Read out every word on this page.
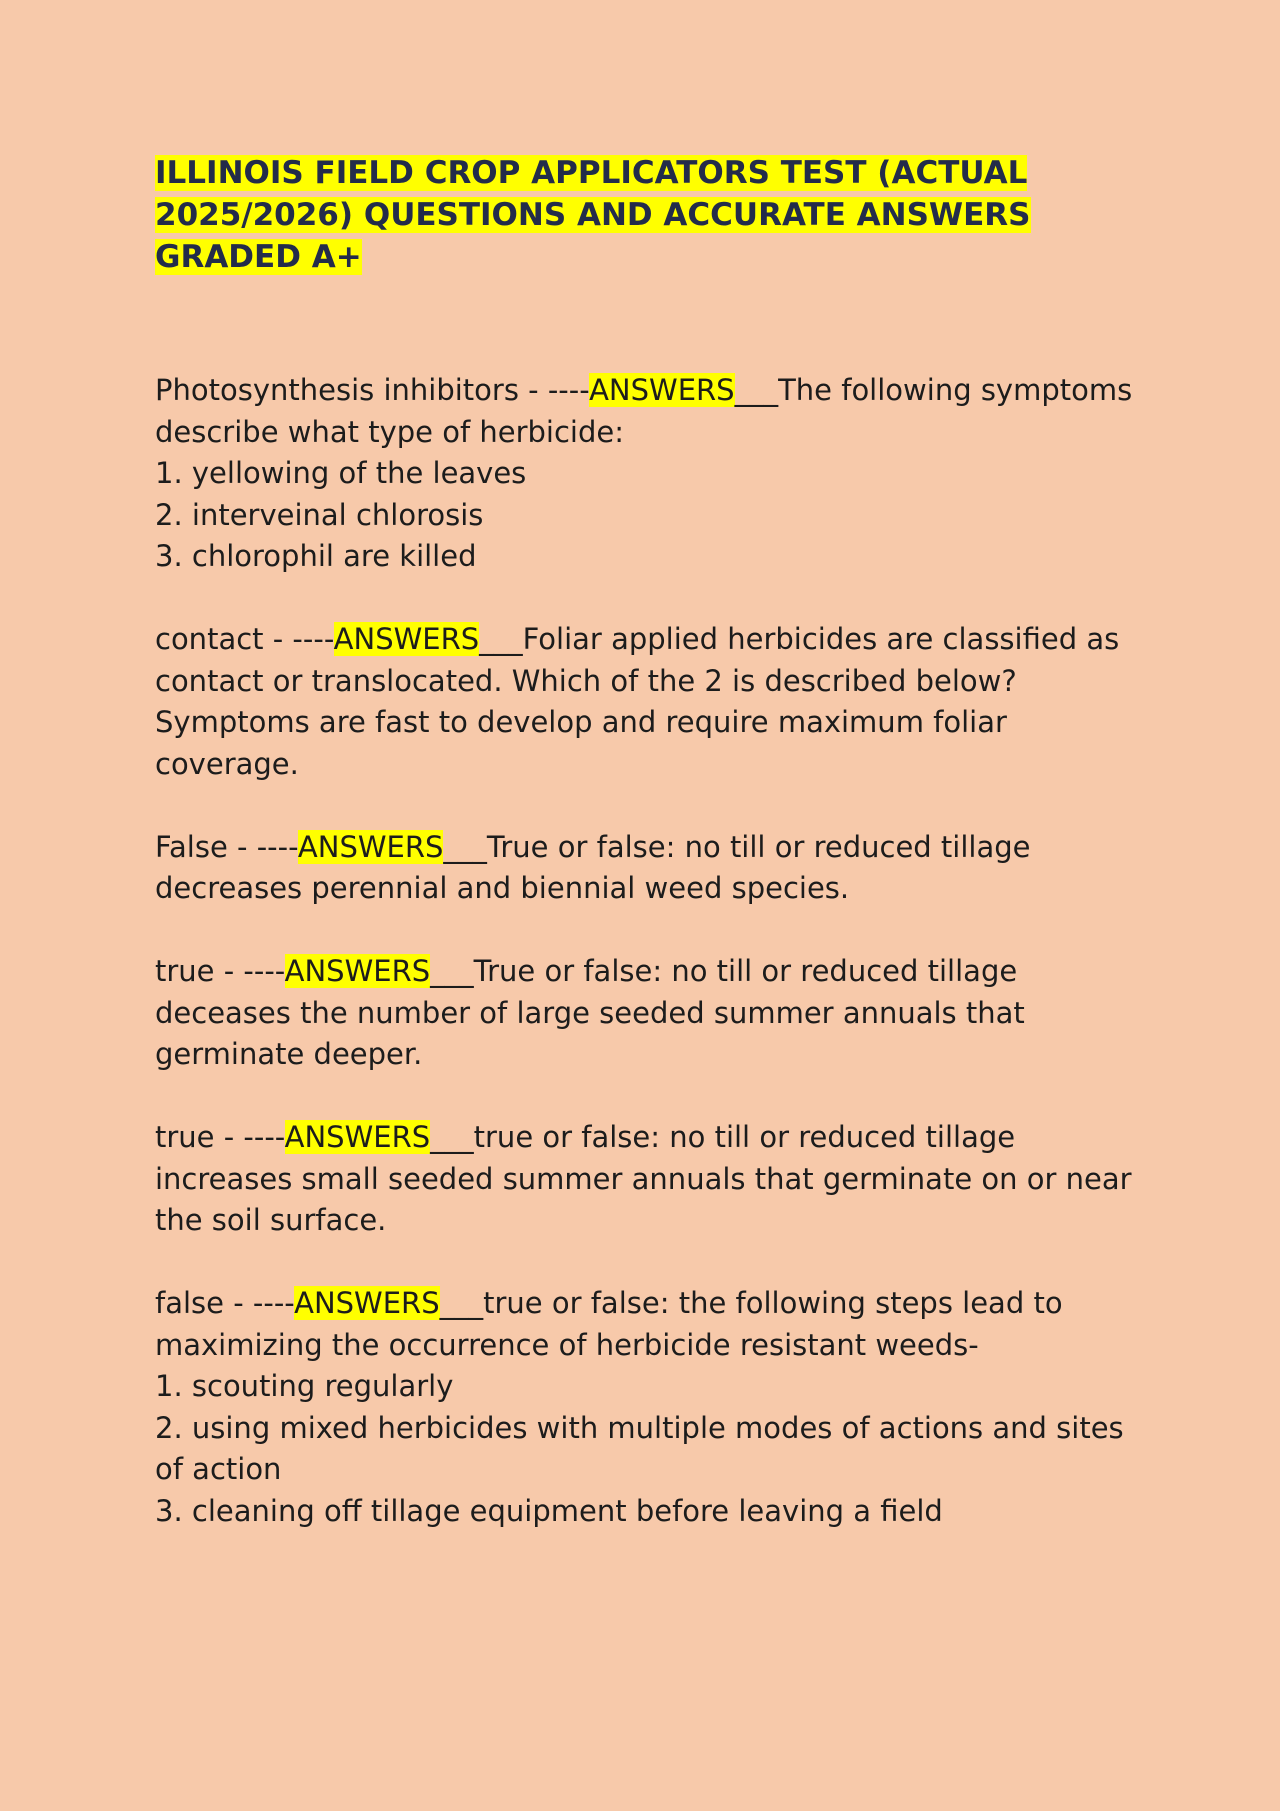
ILLINOIS FIELD CROP APPLICATORS TEST (ACTUAL 2025/2026) QUESTIONS AND ACCURATE ANSWERS GRADED A+
Photosynthesis inhibitors - ----ANSWERS___The following symptoms describe what type of herbicide:
1. yellowing of the leaves
2. interveinal chlorosis
3. chlorophil are killed
contact - ----ANSWERS___Foliar applied herbicides are classified as contact or translocated. Which of the 2 is described below?
Symptoms are fast to develop and require maximum foliar coverage.
False - ----ANSWERS___True or false: no till or reduced tillage decreases perennial and biennial weed species.
true - ----ANSWERS___True or false: no till or reduced tillage deceases the number of large seeded summer annuals that germinate deeper.
true - ----ANSWERS___true or false: no till or reduced tillage increases small seeded summer annuals that germinate on or near the soil surface.
false - ----ANSWERS___true or false: the following steps lead to maximizing the occurrence of herbicide resistant weeds-
1. scouting regularly
2. using mixed herbicides with multiple modes of actions and sites of action
3. cleaning off tillage equipment before leaving a field
